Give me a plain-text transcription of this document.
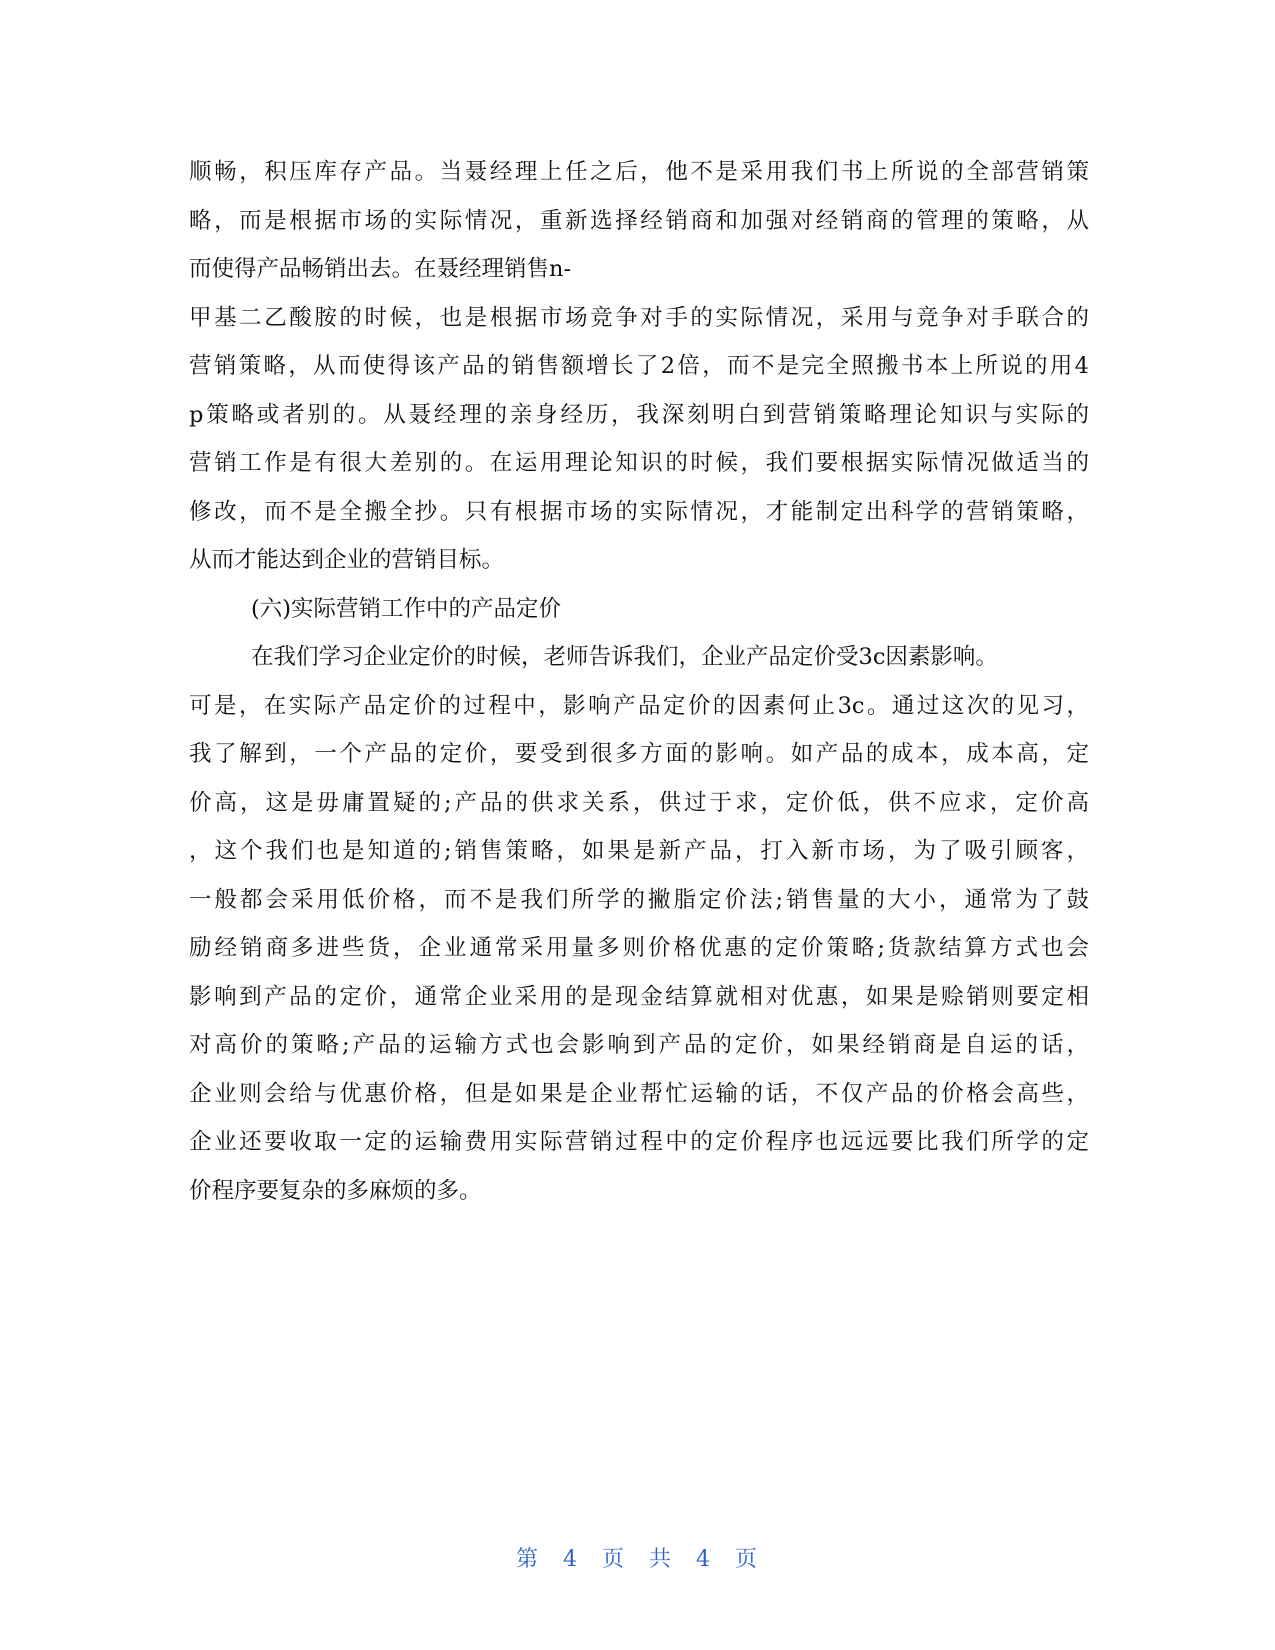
顺畅，积压库存产品。当聂经理上任之后，他不是采用我们书上所说的全部营销策
略，而是根据市场的实际情况，重新选择经销商和加强对经销商的管理的策略，从
而使得产品畅销出去。在聂经理销售n-
甲基二乙酸胺的时候，也是根据市场竞争对手的实际情况，采用与竞争对手联合的
营销策略，从而使得该产品的销售额增长了2倍，而不是完全照搬书本上所说的用4
p策略或者别的。从聂经理的亲身经历，我深刻明白到营销策略理论知识与实际的
营销工作是有很大差别的。在运用理论知识的时候，我们要根据实际情况做适当的
修改，而不是全搬全抄。只有根据市场的实际情况，才能制定出科学的营销策略，
从而才能达到企业的营销目标。
(六)实际营销工作中的产品定价
在我们学习企业定价的时候，老师告诉我们，企业产品定价受3c因素影响。
可是，在实际产品定价的过程中，影响产品定价的因素何止3c。通过这次的见习，
我了解到，一个产品的定价，要受到很多方面的影响。如产品的成本，成本高，定
价高，这是毋庸置疑的;产品的供求关系，供过于求，定价低，供不应求，定价高
，这个我们也是知道的;销售策略，如果是新产品，打入新市场，为了吸引顾客，
一般都会采用低价格，而不是我们所学的撇脂定价法;销售量的大小，通常为了鼓
励经销商多进些货，企业通常采用量多则价格优惠的定价策略;货款结算方式也会
影响到产品的定价，通常企业采用的是现金结算就相对优惠，如果是赊销则要定相
对高价的策略;产品的运输方式也会影响到产品的定价，如果经销商是自运的话，
企业则会给与优惠价格，但是如果是企业帮忙运输的话，不仅产品的价格会高些，
企业还要收取一定的运输费用实际营销过程中的定价程序也远远要比我们所学的定
价程序要复杂的多麻烦的多。
第 4 页 共 4 页
